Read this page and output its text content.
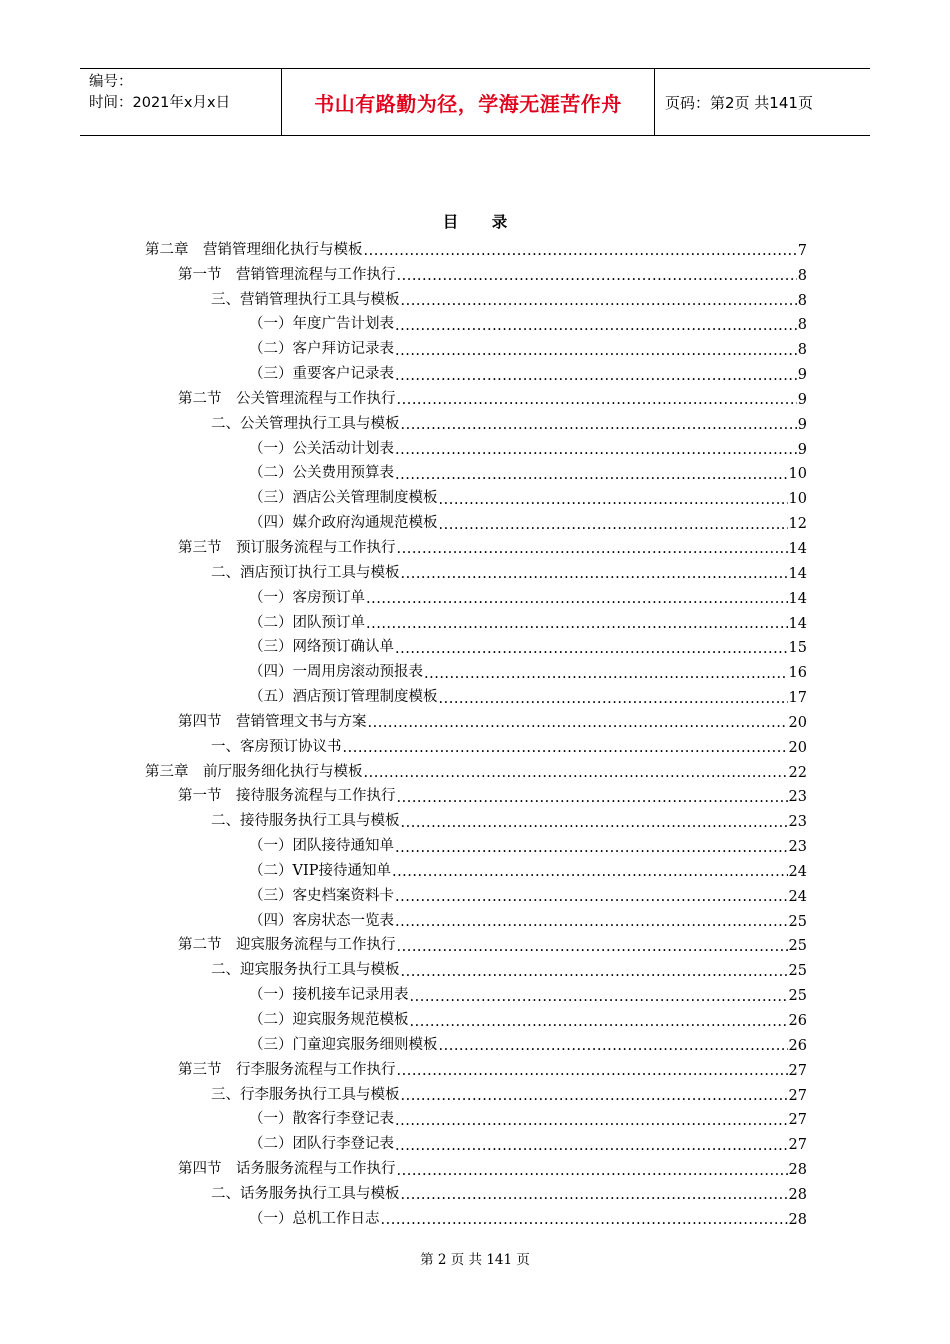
编号：
时间：2021年x月x日	书山有路勤为径，学海无涯苦作舟	页码：第2页 共141页
目 录
第二章　营销管理细化执行与模板 .....	7
第一节　营销管理流程与工作执行 .....	8
三、营销管理执行工具与模板 .....	8
（一）年度广告计划表 .....	8
（二）客户拜访记录表 .....	8
（三）重要客户记录表 .....	9
第二节　公关管理流程与工作执行 .....	9
二、公关管理执行工具与模板 .....	9
（一）公关活动计划表 .....	9
（二）公关费用预算表 .....	10
（三）酒店公关管理制度模板 .....	10
（四）媒介政府沟通规范模板 .....	12
第三节　预订服务流程与工作执行 .....	14
二、酒店预订执行工具与模板 .....	14
（一）客房预订单 .....	14
（二）团队预订单 .....	14
（三）网络预订确认单 .....	15
（四）一周用房滚动预报表 .....	16
（五）酒店预订管理制度模板 .....	17
第四节　营销管理文书与方案 .....	20
一、客房预订协议书 .....	20
第三章　前厅服务细化执行与模板 .....	22
第一节　接待服务流程与工作执行 .....	23
二、接待服务执行工具与模板 .....	23
（一）团队接待通知单 .....	23
（二）VIP接待通知单 .....	24
（三）客史档案资料卡 .....	24
（四）客房状态一览表 .....	25
第二节　迎宾服务流程与工作执行 .....	25
二、迎宾服务执行工具与模板 .....	25
（一）接机接车记录用表 .....	25
（二）迎宾服务规范模板 .....	26
（三）门童迎宾服务细则模板 .....	26
第三节　行李服务流程与工作执行 .....	27
三、行李服务执行工具与模板 .....	27
（一）散客行李登记表 .....	27
（二）团队行李登记表 .....	27
第四节　话务服务流程与工作执行 .....	28
二、话务服务执行工具与模板 .....	28
（一）总机工作日志 .....	28
第 2 页 共 141 页
